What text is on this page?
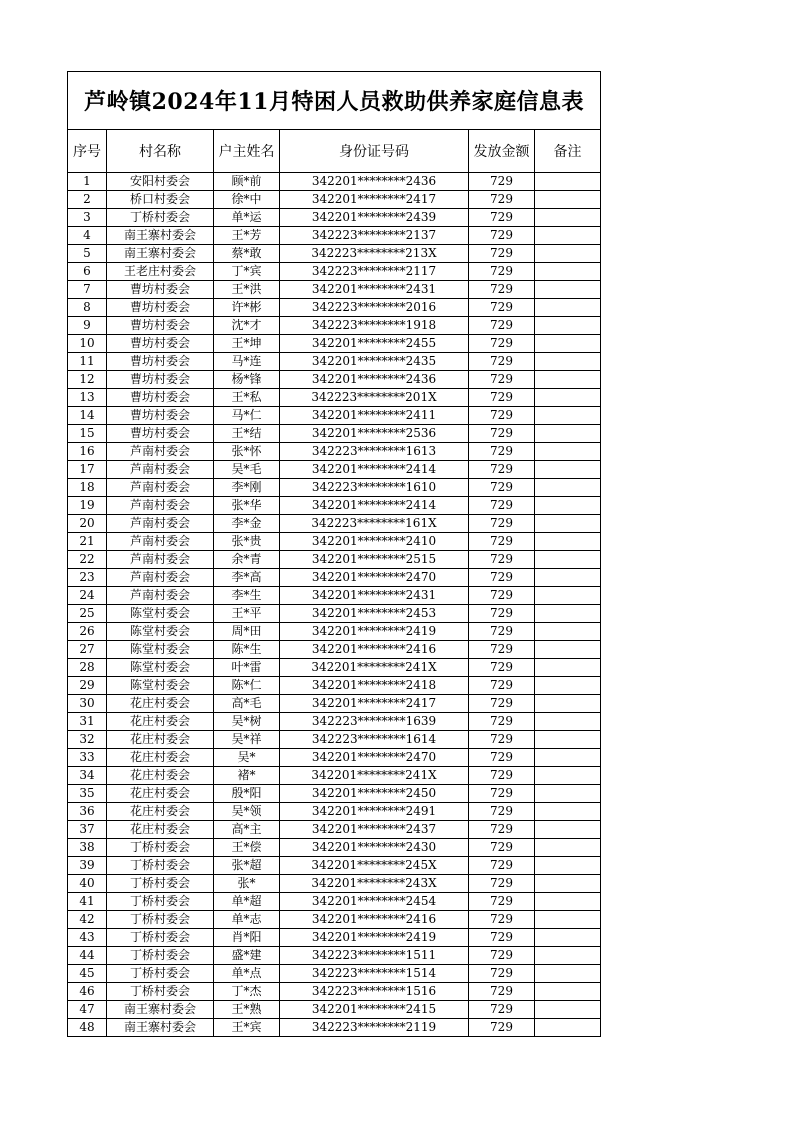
芦岭镇2024年11月特困人员救助供养家庭信息表					
序号	村名称	户主姓名	身份证号码	发放金额	备注
1	安阳村委会	顾*前	342201********2436	729	
2	桥口村委会	徐*中	342201********2417	729	
3	丁桥村委会	单*运	342201********2439	729	
4	南王寨村委会	王*芳	342223********2137	729	
5	南王寨村委会	蔡*敢	342223********213X	729	
6	王老庄村委会	丁*宾	342223********2117	729	
7	曹坊村委会	王*洪	342201********2431	729	
8	曹坊村委会	许*彬	342223********2016	729	
9	曹坊村委会	沈*才	342223********1918	729	
10	曹坊村委会	王*坤	342201********2455	729	
11	曹坊村委会	马*连	342201********2435	729	
12	曹坊村委会	杨*锋	342201********2436	729	
13	曹坊村委会	王*私	342223********201X	729	
14	曹坊村委会	马*仁	342201********2411	729	
15	曹坊村委会	王*结	342201********2536	729	
16	芦南村委会	张*怀	342223********1613	729	
17	芦南村委会	吴*毛	342201********2414	729	
18	芦南村委会	李*刚	342223********1610	729	
19	芦南村委会	张*华	342201********2414	729	
20	芦南村委会	李*金	342223********161X	729	
21	芦南村委会	张*贵	342201********2410	729	
22	芦南村委会	余*青	342201********2515	729	
23	芦南村委会	李*高	342201********2470	729	
24	芦南村委会	李*生	342201********2431	729	
25	陈堂村委会	王*平	342201********2453	729	
26	陈堂村委会	周*田	342201********2419	729	
27	陈堂村委会	陈*生	342201********2416	729	
28	陈堂村委会	叶*雷	342201********241X	729	
29	陈堂村委会	陈*仁	342201********2418	729	
30	花庄村委会	高*毛	342201********2417	729	
31	花庄村委会	吴*树	342223********1639	729	
32	花庄村委会	吴*祥	342223********1614	729	
33	花庄村委会	吴*	342201********2470	729	
34	花庄村委会	褚*	342201********241X	729	
35	花庄村委会	殷*阳	342201********2450	729	
36	花庄村委会	吴*领	342201********2491	729	
37	花庄村委会	高*主	342201********2437	729	
38	丁桥村委会	王*偿	342201********2430	729	
39	丁桥村委会	张*超	342201********245X	729	
40	丁桥村委会	张*	342201********243X	729	
41	丁桥村委会	单*超	342201********2454	729	
42	丁桥村委会	单*志	342201********2416	729	
43	丁桥村委会	肖*阳	342201********2419	729	
44	丁桥村委会	盛*建	342223********1511	729	
45	丁桥村委会	单*点	342223********1514	729	
46	丁桥村委会	丁*杰	342223********1516	729	
47	南王寨村委会	王*熟	342201********2415	729	
48	南王寨村委会	王*宾	342223********2119	729	
